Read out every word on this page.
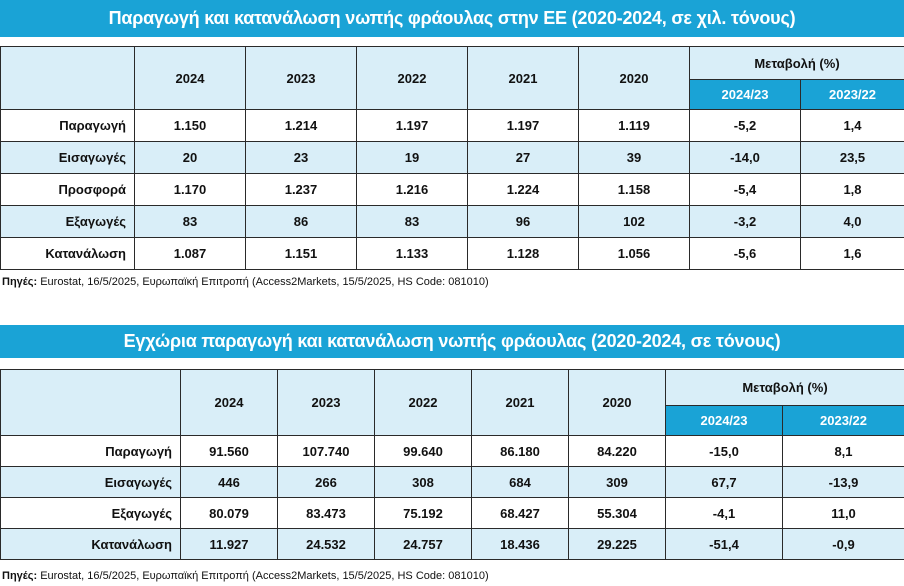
Παραγωγή και κατανάλωση νωπής φράουλας στην ΕΕ (2020-2024, σε χιλ. τόνους)
	2024	2023	2022	2021	2020	Μεταβολή (%)	
						2024/23	2023/22
Παραγωγή	1.150	1.214	1.197	1.197	1.119	-5,2	1,4
Εισαγωγές	20	23	19	27	39	-14,0	23,5
Προσφορά	1.170	1.237	1.216	1.224	1.158	-5,4	1,8
Εξαγωγές	83	86	83	96	102	-3,2	4,0
Κατανάλωση	1.087	1.151	1.133	1.128	1.056	-5,6	1,6
Πηγές: Eurostat, 16/5/2025, Ευρωπαϊκή Επιτροπή (Access2Markets, 15/5/2025, HS Code: 081010)
Εγχώρια παραγωγή και κατανάλωση νωπής φράουλας (2020-2024, σε τόνους)
	2024	2023	2022	2021	2020	Μεταβολή (%)	
						2024/23	2023/22
Παραγωγή	91.560	107.740	99.640	86.180	84.220	-15,0	8,1
Εισαγωγές	446	266	308	684	309	67,7	-13,9
Εξαγωγές	80.079	83.473	75.192	68.427	55.304	-4,1	11,0
Κατανάλωση	11.927	24.532	24.757	18.436	29.225	-51,4	-0,9
Πηγές: Eurostat, 16/5/2025, Ευρωπαϊκή Επιτροπή (Access2Markets, 15/5/2025, HS Code: 081010)
